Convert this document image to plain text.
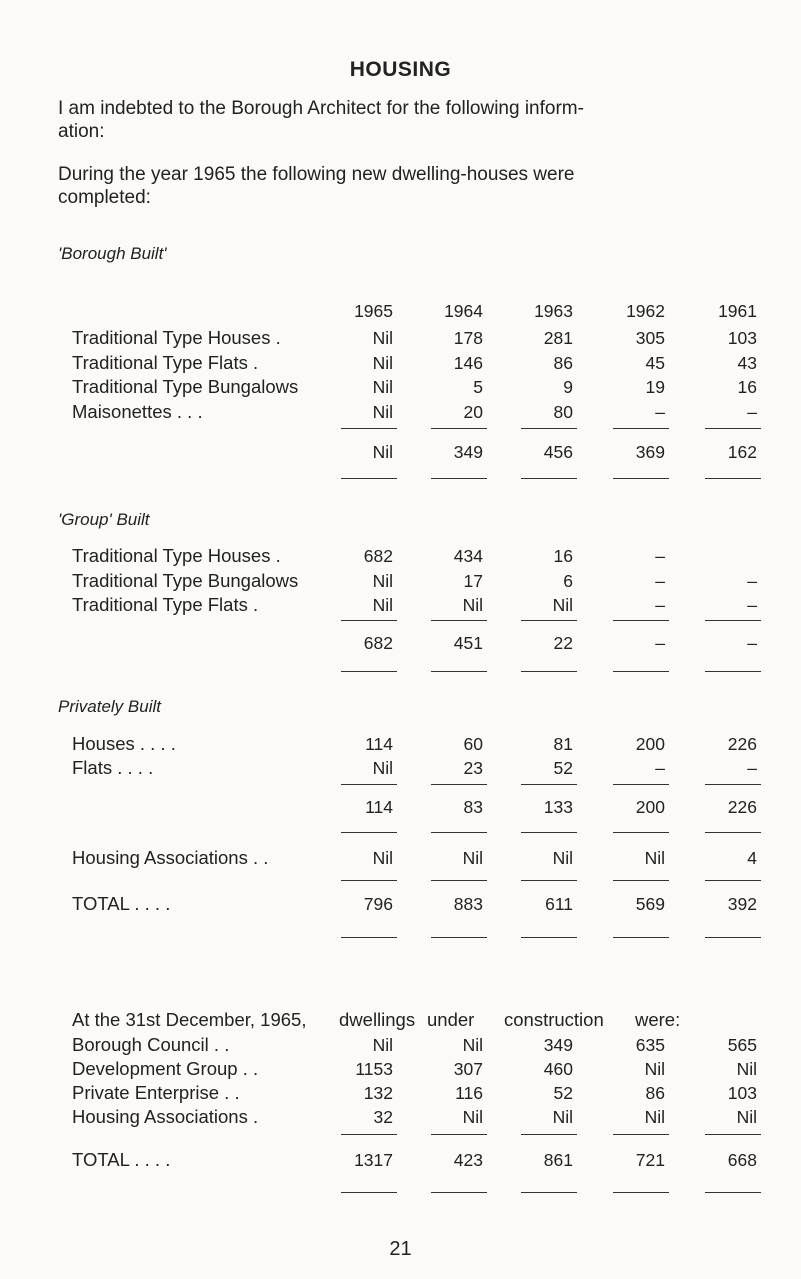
HOUSING
I am indebted to the Borough Architect for the following inform-
ation:
During the year 1965 the following new dwelling-houses were
completed:
'Borough Built'
1965	1964	1963	1962	1961
Traditional Type Houses .	Nil	178	281	305	103
Traditional Type Flats .	Nil	146	86	45	43
Traditional Type Bungalows	Nil	5	9	19	16
Maisonettes . . .	Nil	20	80	–	–
Nil	349	456	369	162
'Group' Built
Traditional Type Houses .	682	434	16	–
Traditional Type Bungalows	Nil	17	6	–	–
Traditional Type Flats .	Nil	Nil	Nil	–	–
682	451	22	–	–
Privately Built
Houses . . . .	114	60	81	200	226
Flats . . . .	Nil	23	52	–	–
114	83	133	200	226
Housing Associations . .	Nil	Nil	Nil	Nil	4
TOTAL . . . .	796	883	611	569	392
At the 31st December, 1965, dwellings under construction were:
Borough Council . .	Nil	Nil	349	635	565
Development Group . .	1153	307	460	Nil	Nil
Private Enterprise . .	132	116	52	86	103
Housing Associations .	32	Nil	Nil	Nil	Nil
TOTAL . . . .	1317	423	861	721	668
21
